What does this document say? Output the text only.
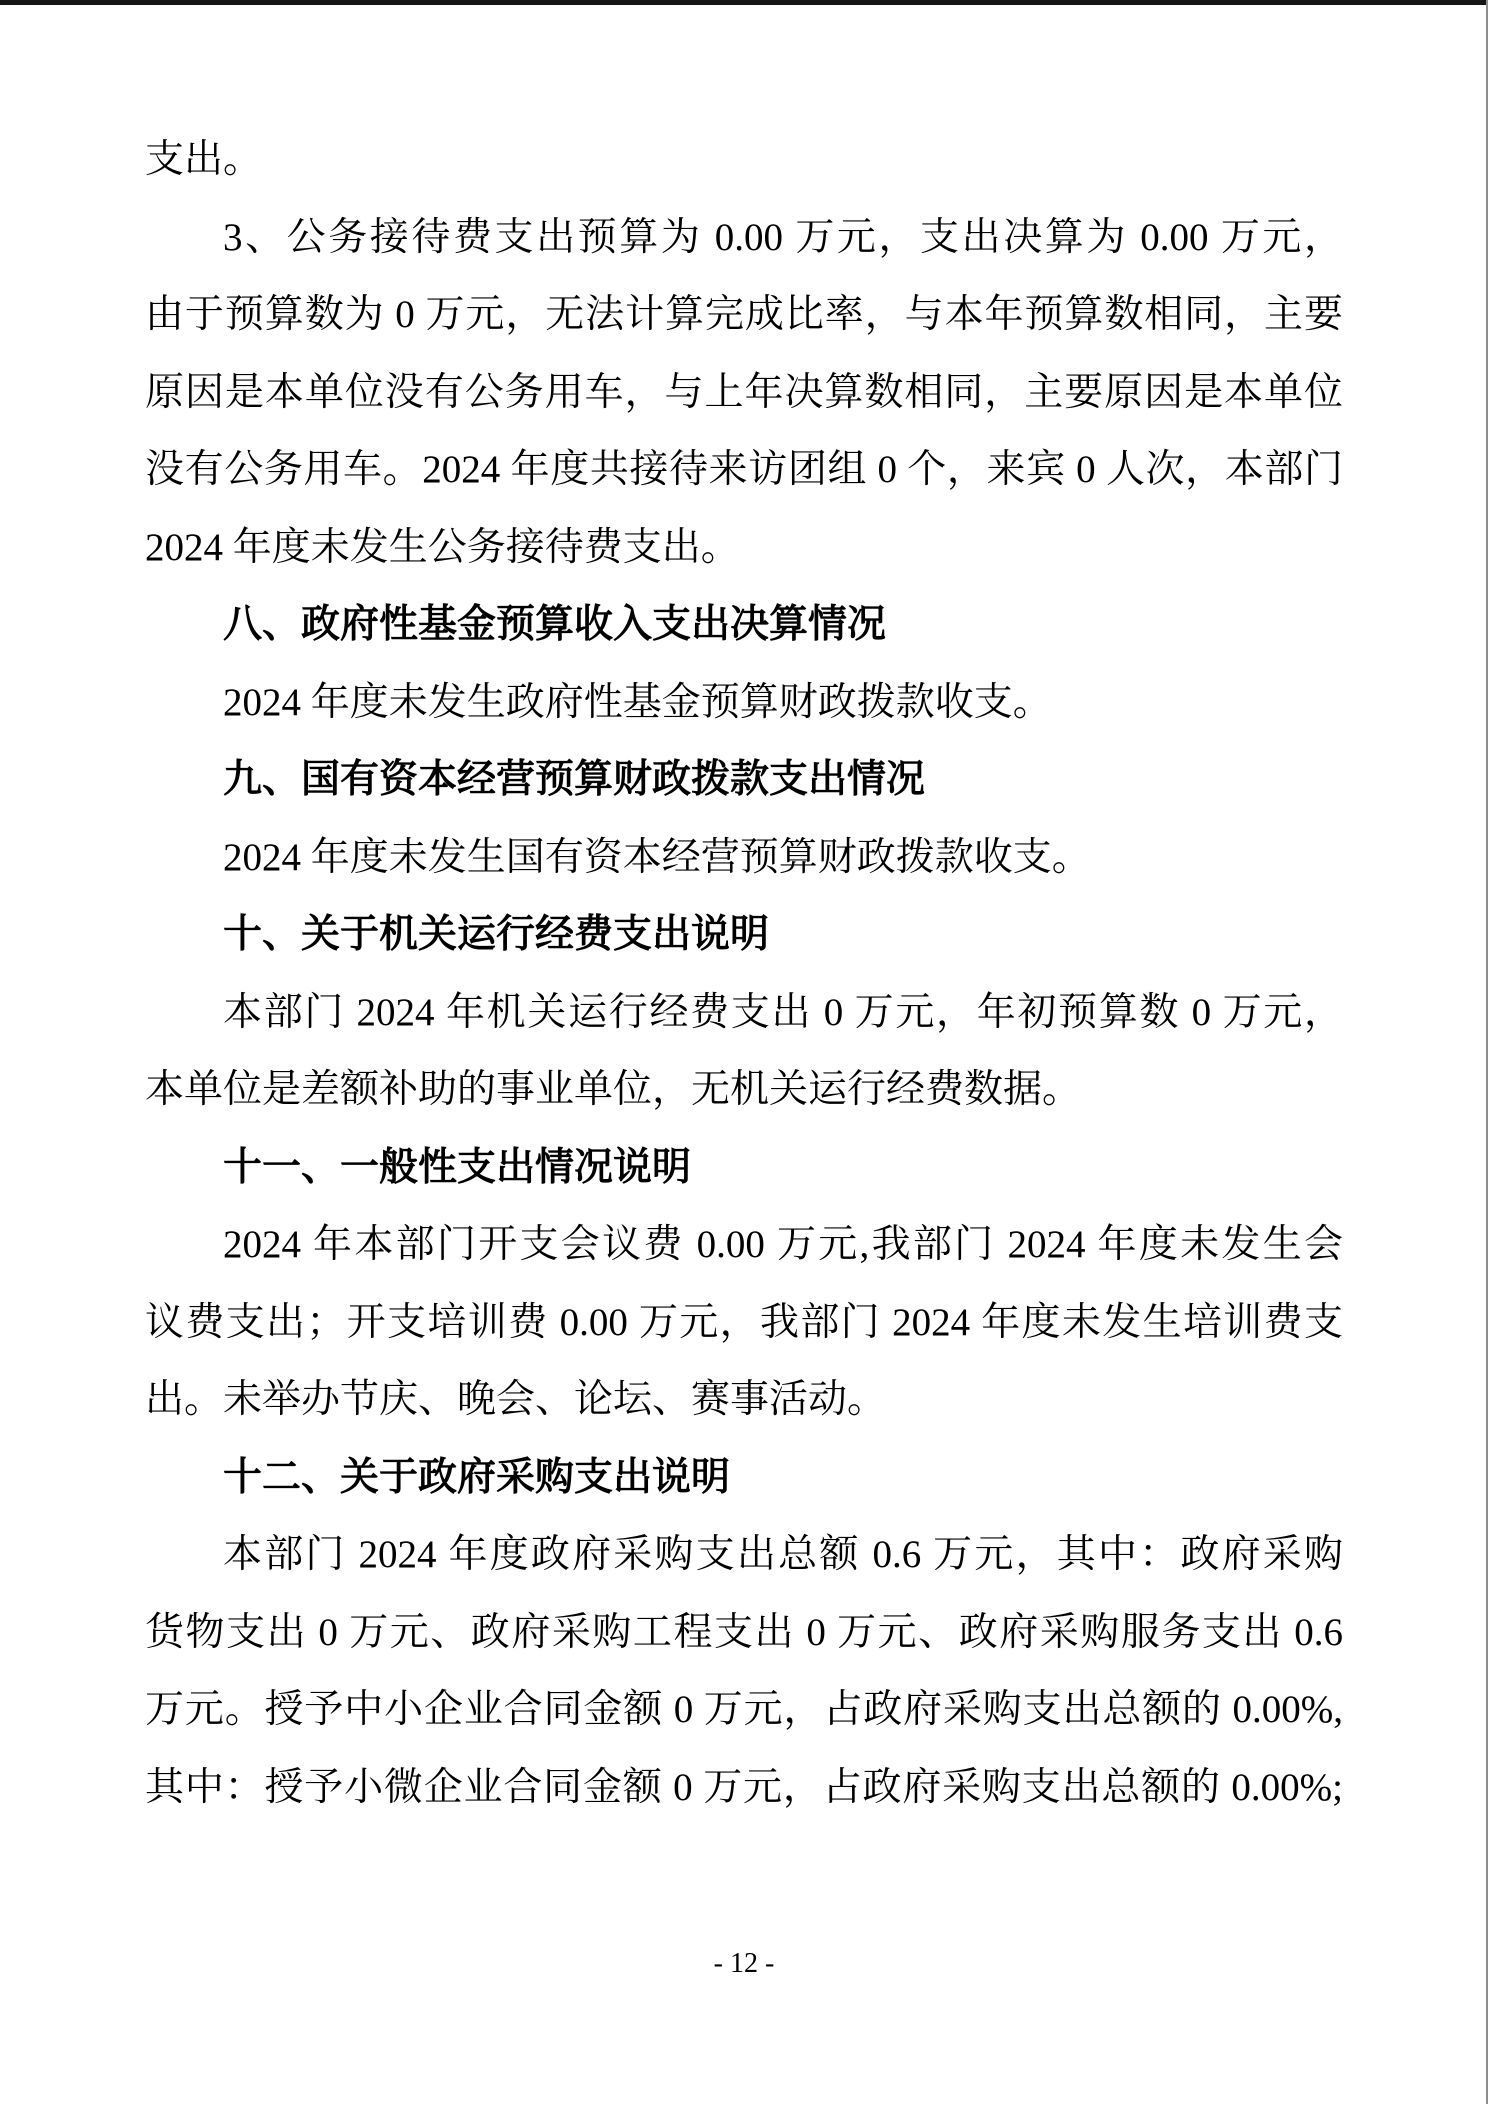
支出。
3、公务接待费支出预算为 0.00 万元，支出决算为 0.00 万元，
由于预算数为 0 万元，无法计算完成比率，与本年预算数相同，主要
原因是本单位没有公务用车，与上年决算数相同，主要原因是本单位
没有公务用车。2024 年度共接待来访团组 0 个，来宾 0 人次，本部门
2024 年度未发生公务接待费支出。
八、政府性基金预算收入支出决算情况
2024 年度未发生政府性基金预算财政拨款收支。
九、国有资本经营预算财政拨款支出情况
2024 年度未发生国有资本经营预算财政拨款收支。
十、关于机关运行经费支出说明
本部门 2024 年机关运行经费支出 0 万元，年初预算数 0 万元，
本单位是差额补助的事业单位，无机关运行经费数据。
十一、一般性支出情况说明
2024 年本部门开支会议费 0.00 万元,我部门 2024 年度未发生会
议费支出；开支培训费 0.00 万元，我部门 2024 年度未发生培训费支
出。未举办节庆、晚会、论坛、赛事活动。
十二、关于政府采购支出说明
本部门 2024 年度政府采购支出总额 0.6 万元，其中：政府采购
货物支出 0 万元、政府采购工程支出 0 万元、政府采购服务支出 0.6
万元。授予中小企业合同金额 0 万元，占政府采购支出总额的 0.00%,
其中：授予小微企业合同金额 0 万元，占政府采购支出总额的 0.00%;
- 12 -
